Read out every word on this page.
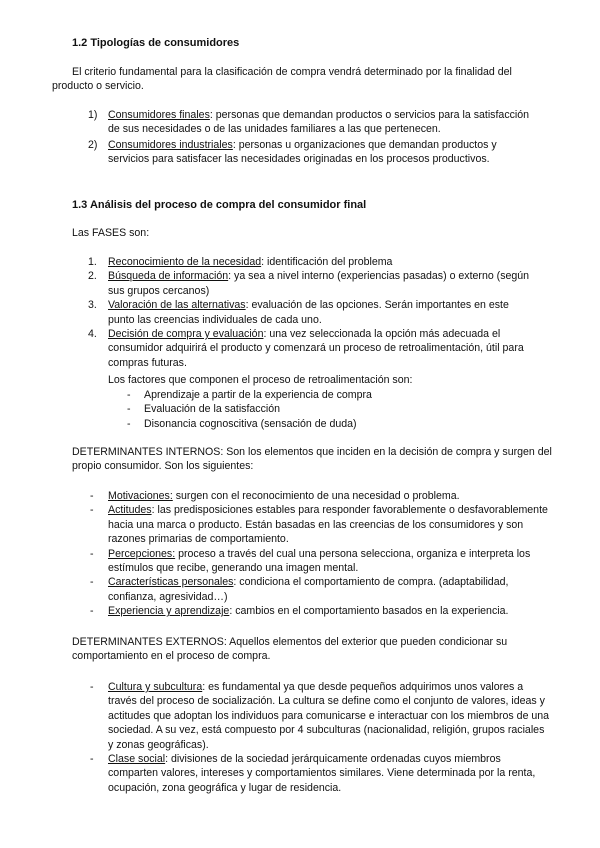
1.2 Tipologías de consumidores
El criterio fundamental para la clasificación de compra vendrá determinado por la finalidad del producto o servicio.
1) Consumidores finales: personas que demandan productos o servicios para la satisfacción de sus necesidades o de las unidades familiares a las que pertenecen.
2) Consumidores industriales: personas u organizaciones que demandan productos y servicios para satisfacer las necesidades originadas en los procesos productivos.
1.3 Análisis del proceso de compra del consumidor final
Las FASES son:
1. Reconocimiento de la necesidad: identificación del problema
2. Búsqueda de información: ya sea a nivel interno (experiencias pasadas) o externo (según sus grupos cercanos)
3. Valoración de las alternativas: evaluación de las opciones. Serán importantes en este punto las creencias individuales de cada uno.
4. Decisión de compra y evaluación: una vez seleccionada la opción más adecuada el consumidor adquirirá el producto y comenzará un proceso de retroalimentación, útil para compras futuras.
Los factores que componen el proceso de retroalimentación son:
- Aprendizaje a partir de la experiencia de compra
- Evaluación de la satisfacción
- Disonancia cognoscitiva (sensación de duda)
DETERMINANTES INTERNOS: Son los elementos que inciden en la decisión de compra y surgen del propio consumidor. Son los siguientes:
- Motivaciones: surgen con el reconocimiento de una necesidad o problema.
- Actitudes: las predisposiciones estables para responder favorablemente o desfavorablemente hacia una marca o producto. Están basadas en las creencias de los consumidores y son razones primarias de comportamiento.
- Percepciones: proceso a través del cual una persona selecciona, organiza e interpreta los estímulos que recibe, generando una imagen mental.
- Características personales: condiciona el comportamiento de compra. (adaptabilidad, confianza, agresividad…)
- Experiencia y aprendizaje: cambios en el comportamiento basados en la experiencia.
DETERMINANTES EXTERNOS: Aquellos elementos del exterior que pueden condicionar su comportamiento en el proceso de compra.
- Cultura y subcultura: es fundamental ya que desde pequeños adquirimos unos valores a través del proceso de socialización. La cultura se define como el conjunto de valores, ideas y actitudes que adoptan los individuos para comunicarse e interactuar con los miembros de una sociedad. A su vez, está compuesto por 4 subculturas (nacionalidad, religión, grupos raciales y zonas geográficas).
- Clase social: divisiones de la sociedad jerárquicamente ordenadas cuyos miembros comparten valores, intereses y comportamientos similares. Viene determinada por la renta, ocupación, zona geográfica y lugar de residencia.
